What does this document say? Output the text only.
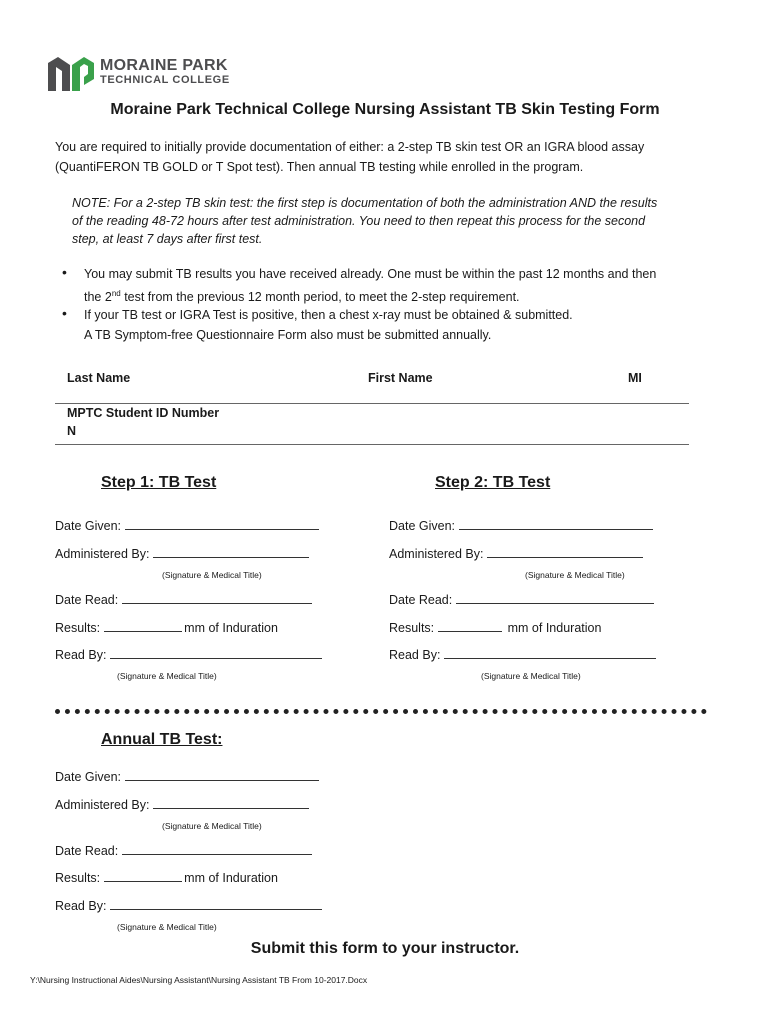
MORAINE PARK
TECHNICAL COLLEGE
Moraine Park Technical College Nursing Assistant TB Skin Testing Form
You are required to initially provide documentation of either: a 2-step TB skin test OR an IGRA blood assay
(QuantiFERON TB GOLD or T Spot test). Then annual TB testing while enrolled in the program.
NOTE: For a 2-step TB skin test: the first step is documentation of both the administration AND the results
of the reading 48-72 hours after test administration. You need to then repeat this process for the second
step, at least 7 days after first test.
• You may submit TB results you have received already. One must be within the past 12 months and then
the 2nd test from the previous 12 month period, to meet the 2-step requirement.
• If your TB test or IGRA Test is positive, then a chest x-ray must be obtained & submitted.
A TB Symptom-free Questionnaire Form also must be submitted annually.
Last Name	First Name	MI
MPTC Student ID Number
N
Step 1: TB Test
Date Given:
Administered By:
(Signature & Medical Title)
Date Read:
Results:	mm of Induration
Read By:
(Signature & Medical Title)
Step 2: TB Test
Date Given:
Administered By:
(Signature & Medical Title)
Date Read:
Results:	mm of Induration
Read By:
(Signature & Medical Title)
Annual TB Test:
Date Given:
Administered By:
(Signature & Medical Title)
Date Read:
Results:	mm of Induration
Read By:
(Signature & Medical Title)
Submit this form to your instructor.
Y:\Nursing Instructional Aides\Nursing Assistant\Nursing Assistant TB From 10-2017.Docx
